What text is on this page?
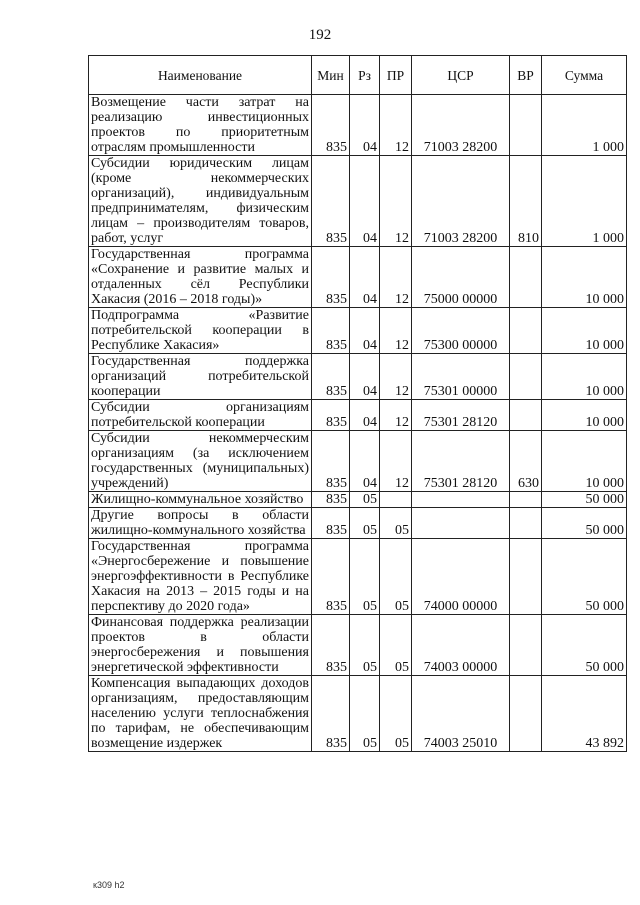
192
Наименование	Мин	Рз	ПР	ЦСР	ВР	Сумма
Возмещение части затрат на реализацию инвестиционных проектов по приоритетным отраслям промышленности	835	04	12	71003 28200		1 000
Субсидии юридическим лицам (кроме некоммерческих организаций), индивидуальным предпринимателям, физическим лицам – производителям товаров, работ, услуг	835	04	12	71003 28200	810	1 000
Государственная программа «Сохранение и развитие малых и отдаленных сёл Республики Хакасия (2016 – 2018 годы)»	835	04	12	75000 00000		10 000
Подпрограмма «Развитие потребительской кооперации в Республике Хакасия»	835	04	12	75300 00000		10 000
Государственная поддержка организаций потребительской кооперации	835	04	12	75301 00000		10 000
Субсидии организациям потребительской кооперации	835	04	12	75301 28120		10 000
Субсидии некоммерческим организациям (за исключением государственных (муниципальных) учреждений)	835	04	12	75301 28120	630	10 000
Жилищно-коммунальное хозяйство	835	05				50 000
Другие вопросы в области жилищно-коммунального хозяйства	835	05	05			50 000
Государственная программа «Энергосбережение и повышение энергоэффективности в Республике Хакасия на 2013 – 2015 годы и на перспективу до 2020 года»	835	05	05	74000 00000		50 000
Финансовая поддержка реализации проектов в области энергосбережения и повышения энергетической эффективности	835	05	05	74003 00000		50 000
Компенсация выпадающих доходов организациям, предоставляющим населению услуги теплоснабжения по тарифам, не обеспечивающим возмещение издержек	835	05	05	74003 25010		43 892
к309 h2
